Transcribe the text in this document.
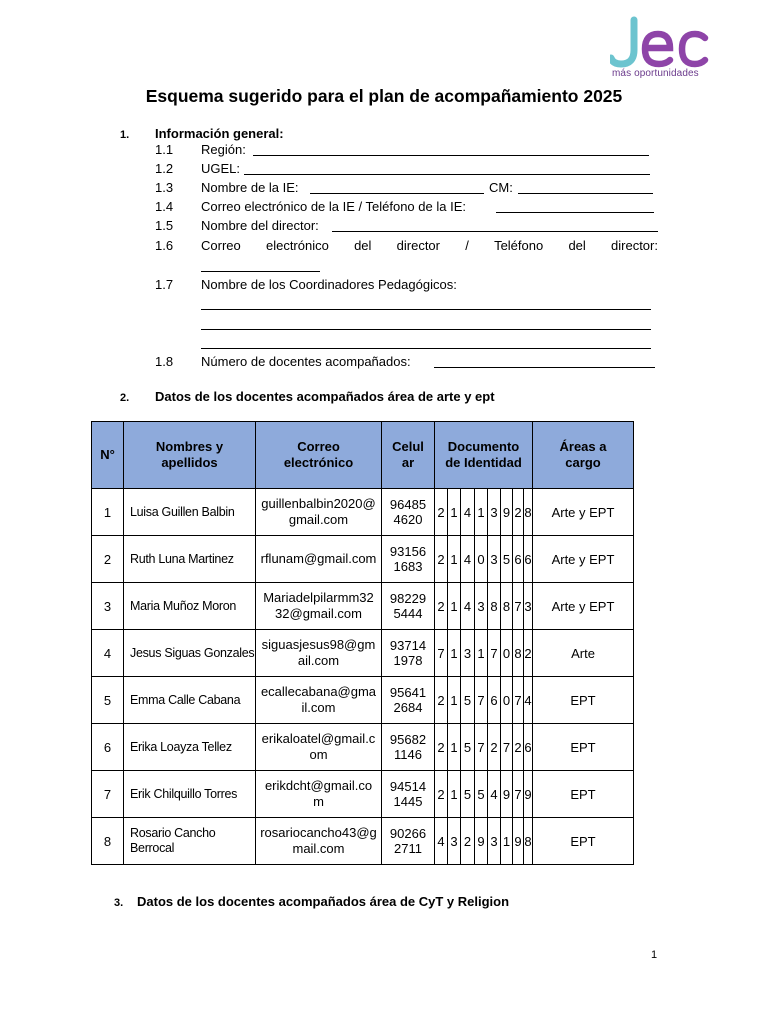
más oportunidades
Esquema sugerido para el plan de acompañamiento 2025
1. Información general:
1.1 Región:
1.2 UGEL:
1.3 Nombre de la IE:	CM:
1.4 Correo electrónico de la IE / Teléfono de la IE:
1.5 Nombre del director:
1.6 Correo electrónico del director / Teléfono del director:
1.7 Nombre de los Coordinadores Pedagógicos:
1.8 Número de docentes acompañados:
2. Datos de los docentes acompañados área de arte y ept
N°	Nombres y apellidos	Correo electrónico	Celular	Documento de Identidad								Áreas a cargo

1	Luisa Guillen Balbin	guillenbalbin2020@gmail.com	964854620	2	1	4	1	3	9	2	8	Arte y EPT
2	Ruth Luna Martinez	rflunam@gmail.com	931561683	2	1	4	0	3	5	6	6	Arte y EPT
3	Maria Muñoz Moron	Mariadelpilarmm3232@gmail.com	982295444	2	1	4	3	8	8	7	3	Arte y EPT
4	Jesus Siguas Gonzales	siguasjesus98@gmail.com	937141978	7	1	3	1	7	0	8	2	Arte
5	Emma Calle Cabana	ecallecabana@gmail.com	956412684	2	1	5	7	6	0	7	4	EPT
6	Erika Loayza Tellez	erikaloatel@gmail.com	956821146	2	1	5	7	2	7	2	6	EPT
7	Erik Chilquillo Torres	erikdcht@gmail.com	945141445	2	1	5	5	4	9	7	9	EPT
8	Rosario Cancho Berrocal	rosariocancho43@gmail.com	902662711	4	3	2	9	3	1	9	8	EPT
3. Datos de los docentes acompañados área de CyT y Religion
1
